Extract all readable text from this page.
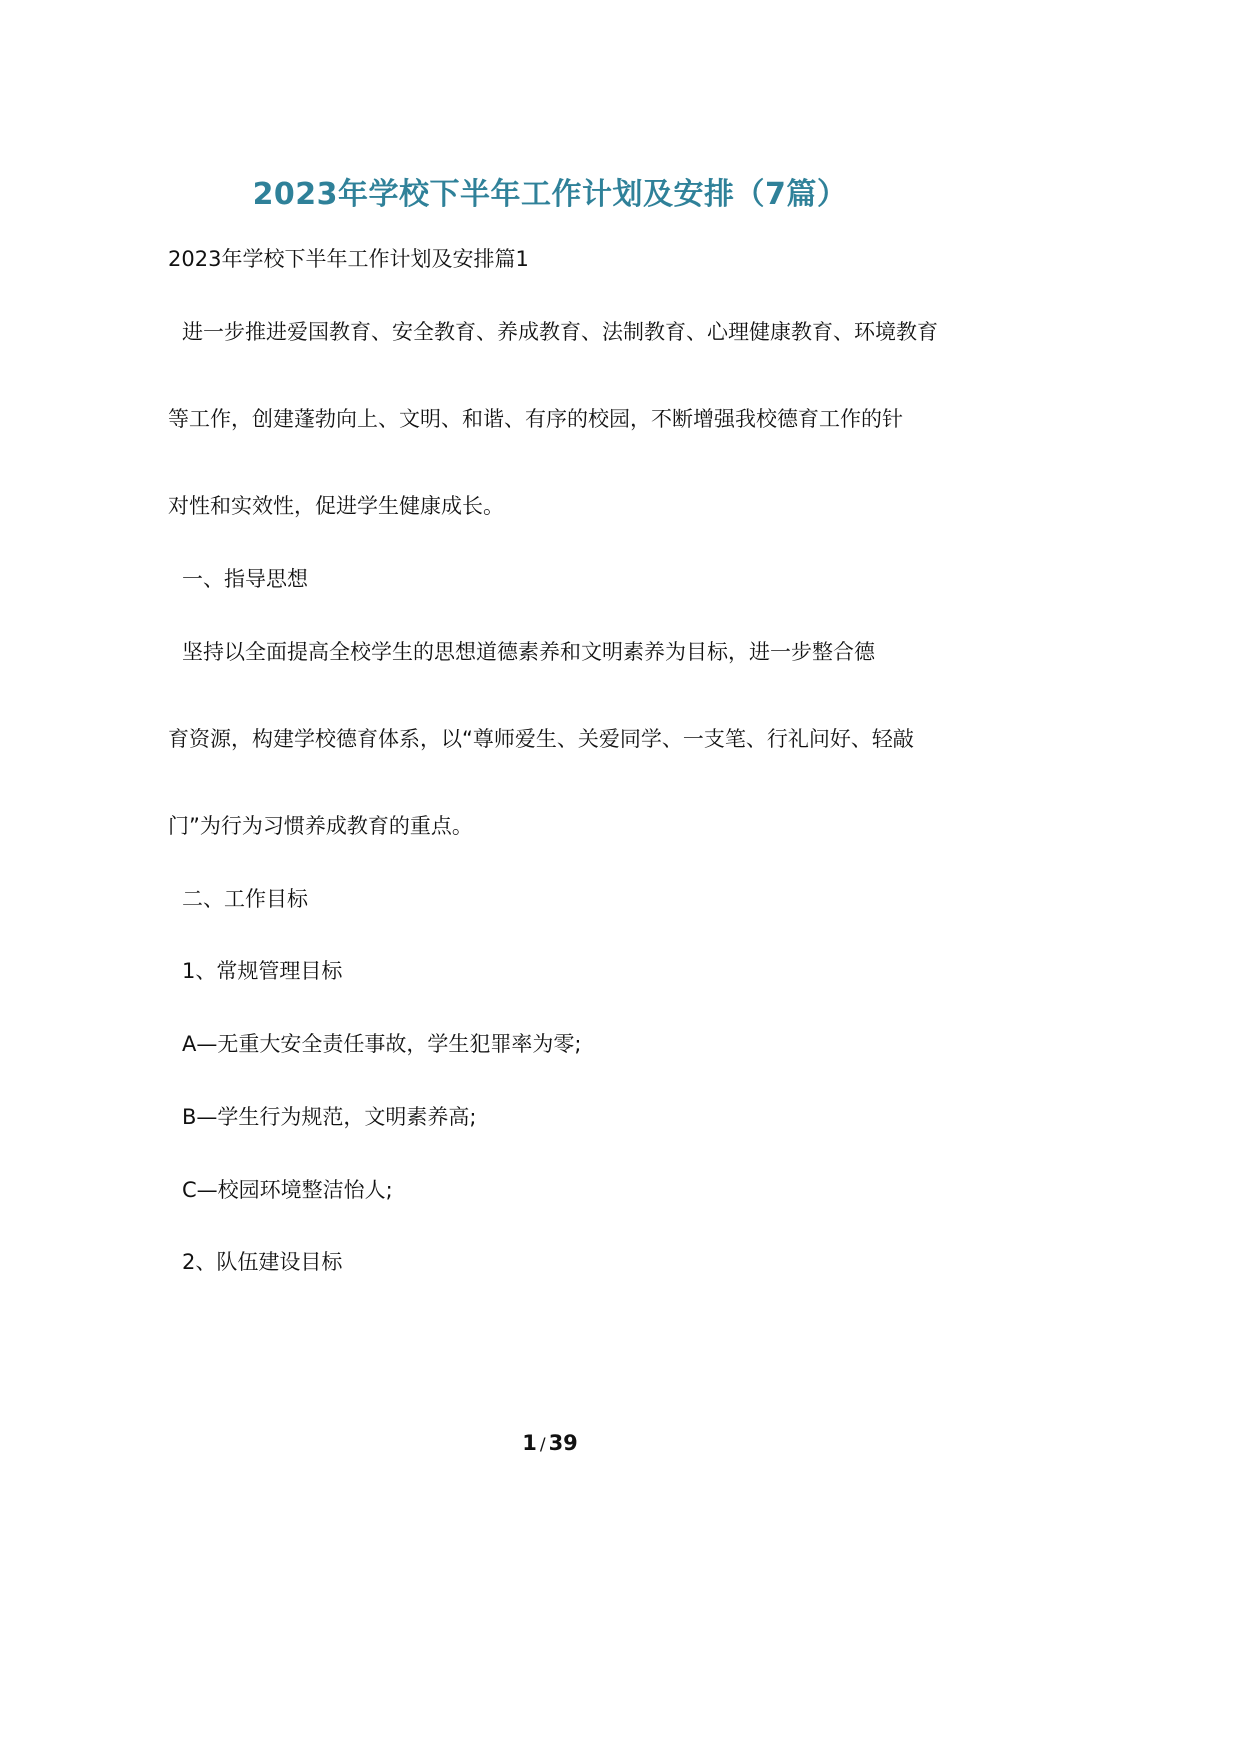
2023年学校下半年工作计划及安排（7篇）
2023年学校下半年工作计划及安排篇1
进一步推进爱国教育、安全教育、养成教育、法制教育、心理健康教育、环境教育
等工作，创建蓬勃向上、文明、和谐、有序的校园，不断增强我校德育工作的针
对性和实效性，促进学生健康成长。
一、指导思想
坚持以全面提高全校学生的思想道德素养和文明素养为目标，进一步整合德
育资源，构建学校德育体系，以“尊师爱生、关爱同学、一支笔、行礼问好、轻敲
门”为行为习惯养成教育的重点。
二、工作目标
1、常规管理目标
A—无重大安全责任事故，学生犯罪率为零;
B—学生行为规范，文明素养高;
C—校园环境整洁怡人;
2、队伍建设目标
1 / 39
